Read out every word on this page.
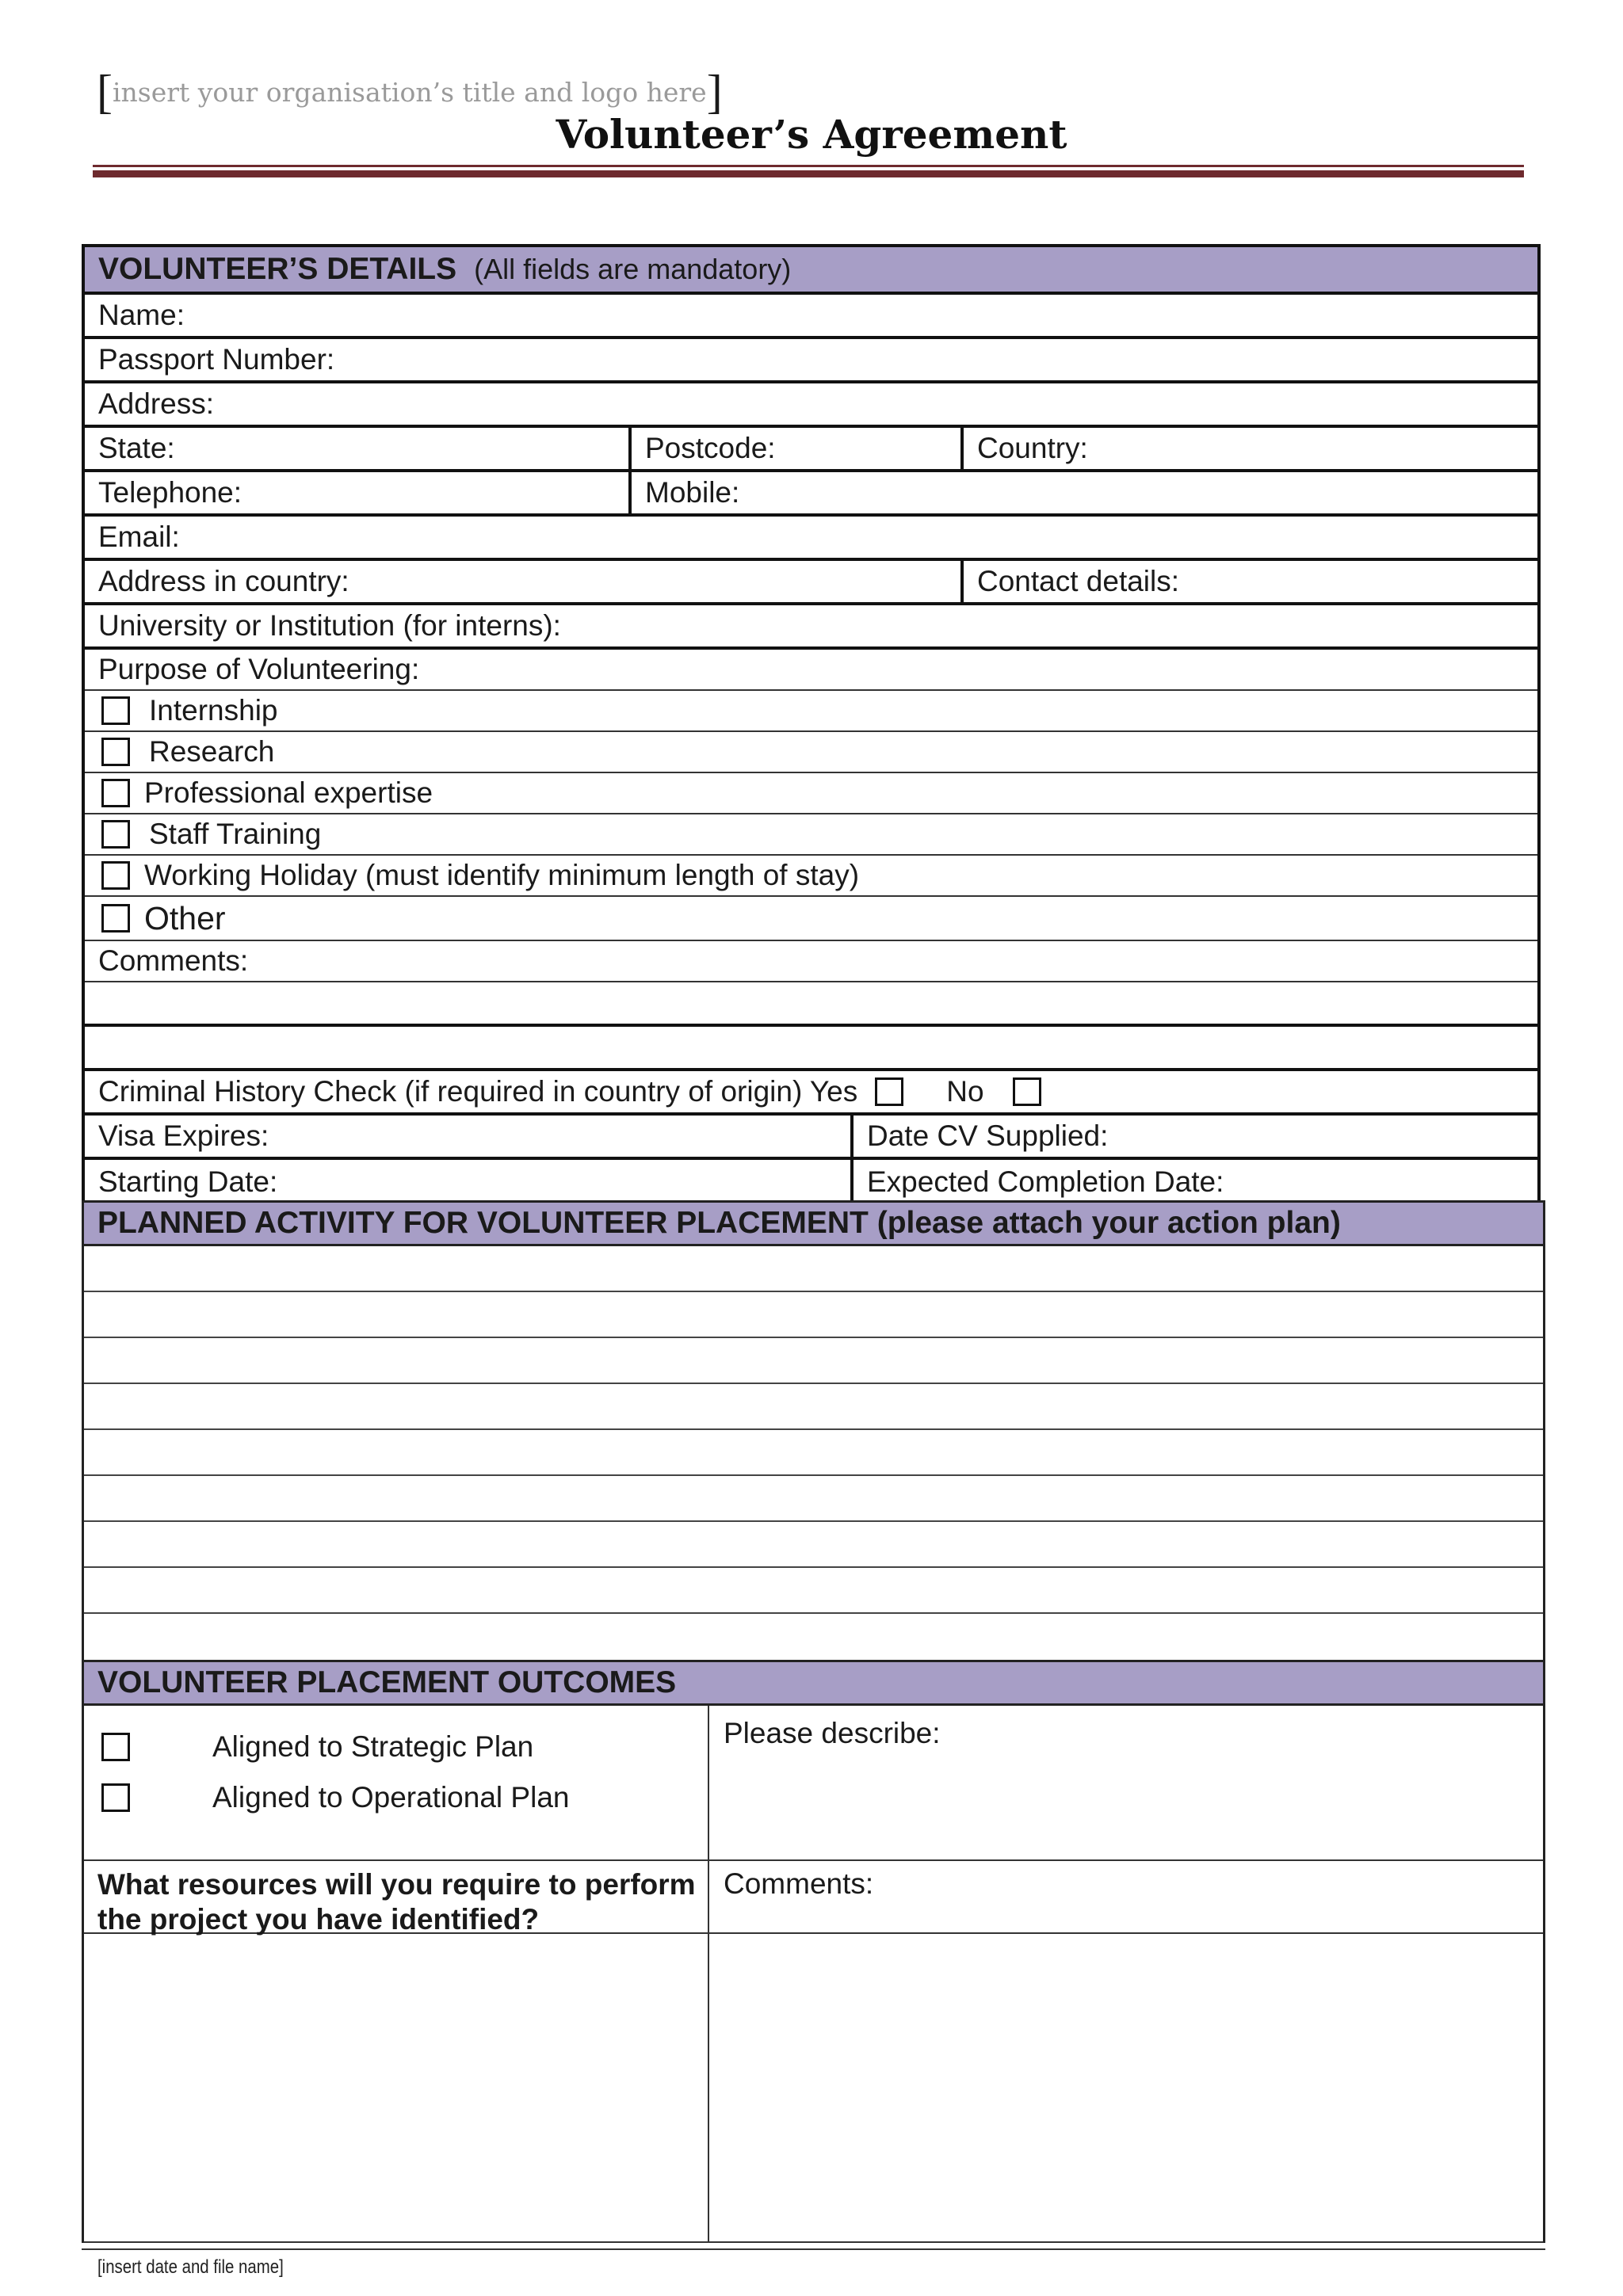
[insert your organisation’s title and logo here]
Volunteer’s Agreement
VOLUNTEER’S DETAILS (All fields are mandatory)
Name:
Passport Number:
Address:
State:	Postcode:	Country:
Telephone:	Mobile:
Email:
Address in country:	Contact details:
University or Institution (for interns):
Purpose of Volunteering:
Internship
Research
Professional expertise
Staff Training
Working Holiday (must identify minimum length of stay)
Other
Comments:
Criminal History Check (if required in country of origin) Yes	No
Visa Expires:	Date CV Supplied:
Starting Date:	Expected Completion Date:
PLANNED ACTIVITY FOR VOLUNTEER PLACEMENT (please attach your action plan)
VOLUNTEER PLACEMENT OUTCOMES
Aligned to Strategic Plan
Aligned to Operational Plan
Please describe:
What resources will you require to perform the project you have identified?
Comments:
[insert date and file name]
